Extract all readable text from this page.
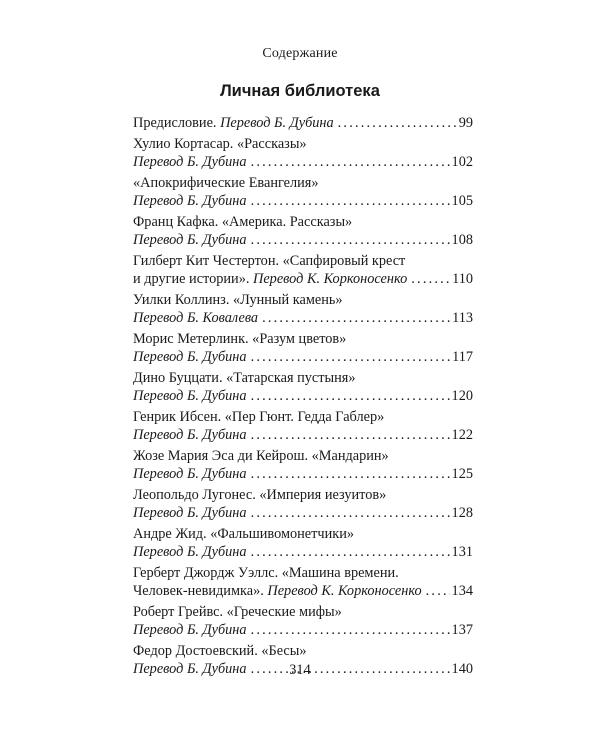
Содержание
Личная библиотека
Предисловие. Перевод Б. Дубина .....	99
Хулио Кортасар. «Рассказы»
Перевод Б. Дубина .....	102
«Апокрифические Евангелия»
Перевод Б. Дубина .....	105
Франц Кафка. «Америка. Рассказы»
Перевод Б. Дубина .....	108
Гилберт Кит Честертон. «Сапфировый крест
и другие истории». Перевод К. Корконосенко .....	110
Уилки Коллинз. «Лунный камень»
Перевод Б. Ковалева .....	113
Морис Метерлинк. «Разум цветов»
Перевод Б. Дубина .....	117
Дино Буццати. «Татарская пустыня»
Перевод Б. Дубина .....	120
Генрик Ибсен. «Пер Гюнт. Гедда Габлер»
Перевод Б. Дубина .....	122
Жозе Мария Эса ди Кейрош. «Мандарин»
Перевод Б. Дубина .....	125
Леопольдо Лугонес. «Империя иезуитов»
Перевод Б. Дубина .....	128
Андре Жид. «Фальшивомонетчики»
Перевод Б. Дубина .....	131
Герберт Джордж Уэллс. «Машина времени.
Человек-невидимка». Перевод К. Корконосенко ..... 134
Роберт Грейвс. «Греческие мифы»
Перевод Б. Дубина .....	137
Федор Достоевский. «Бесы»
Перевод Б. Дубина .....	140
314
